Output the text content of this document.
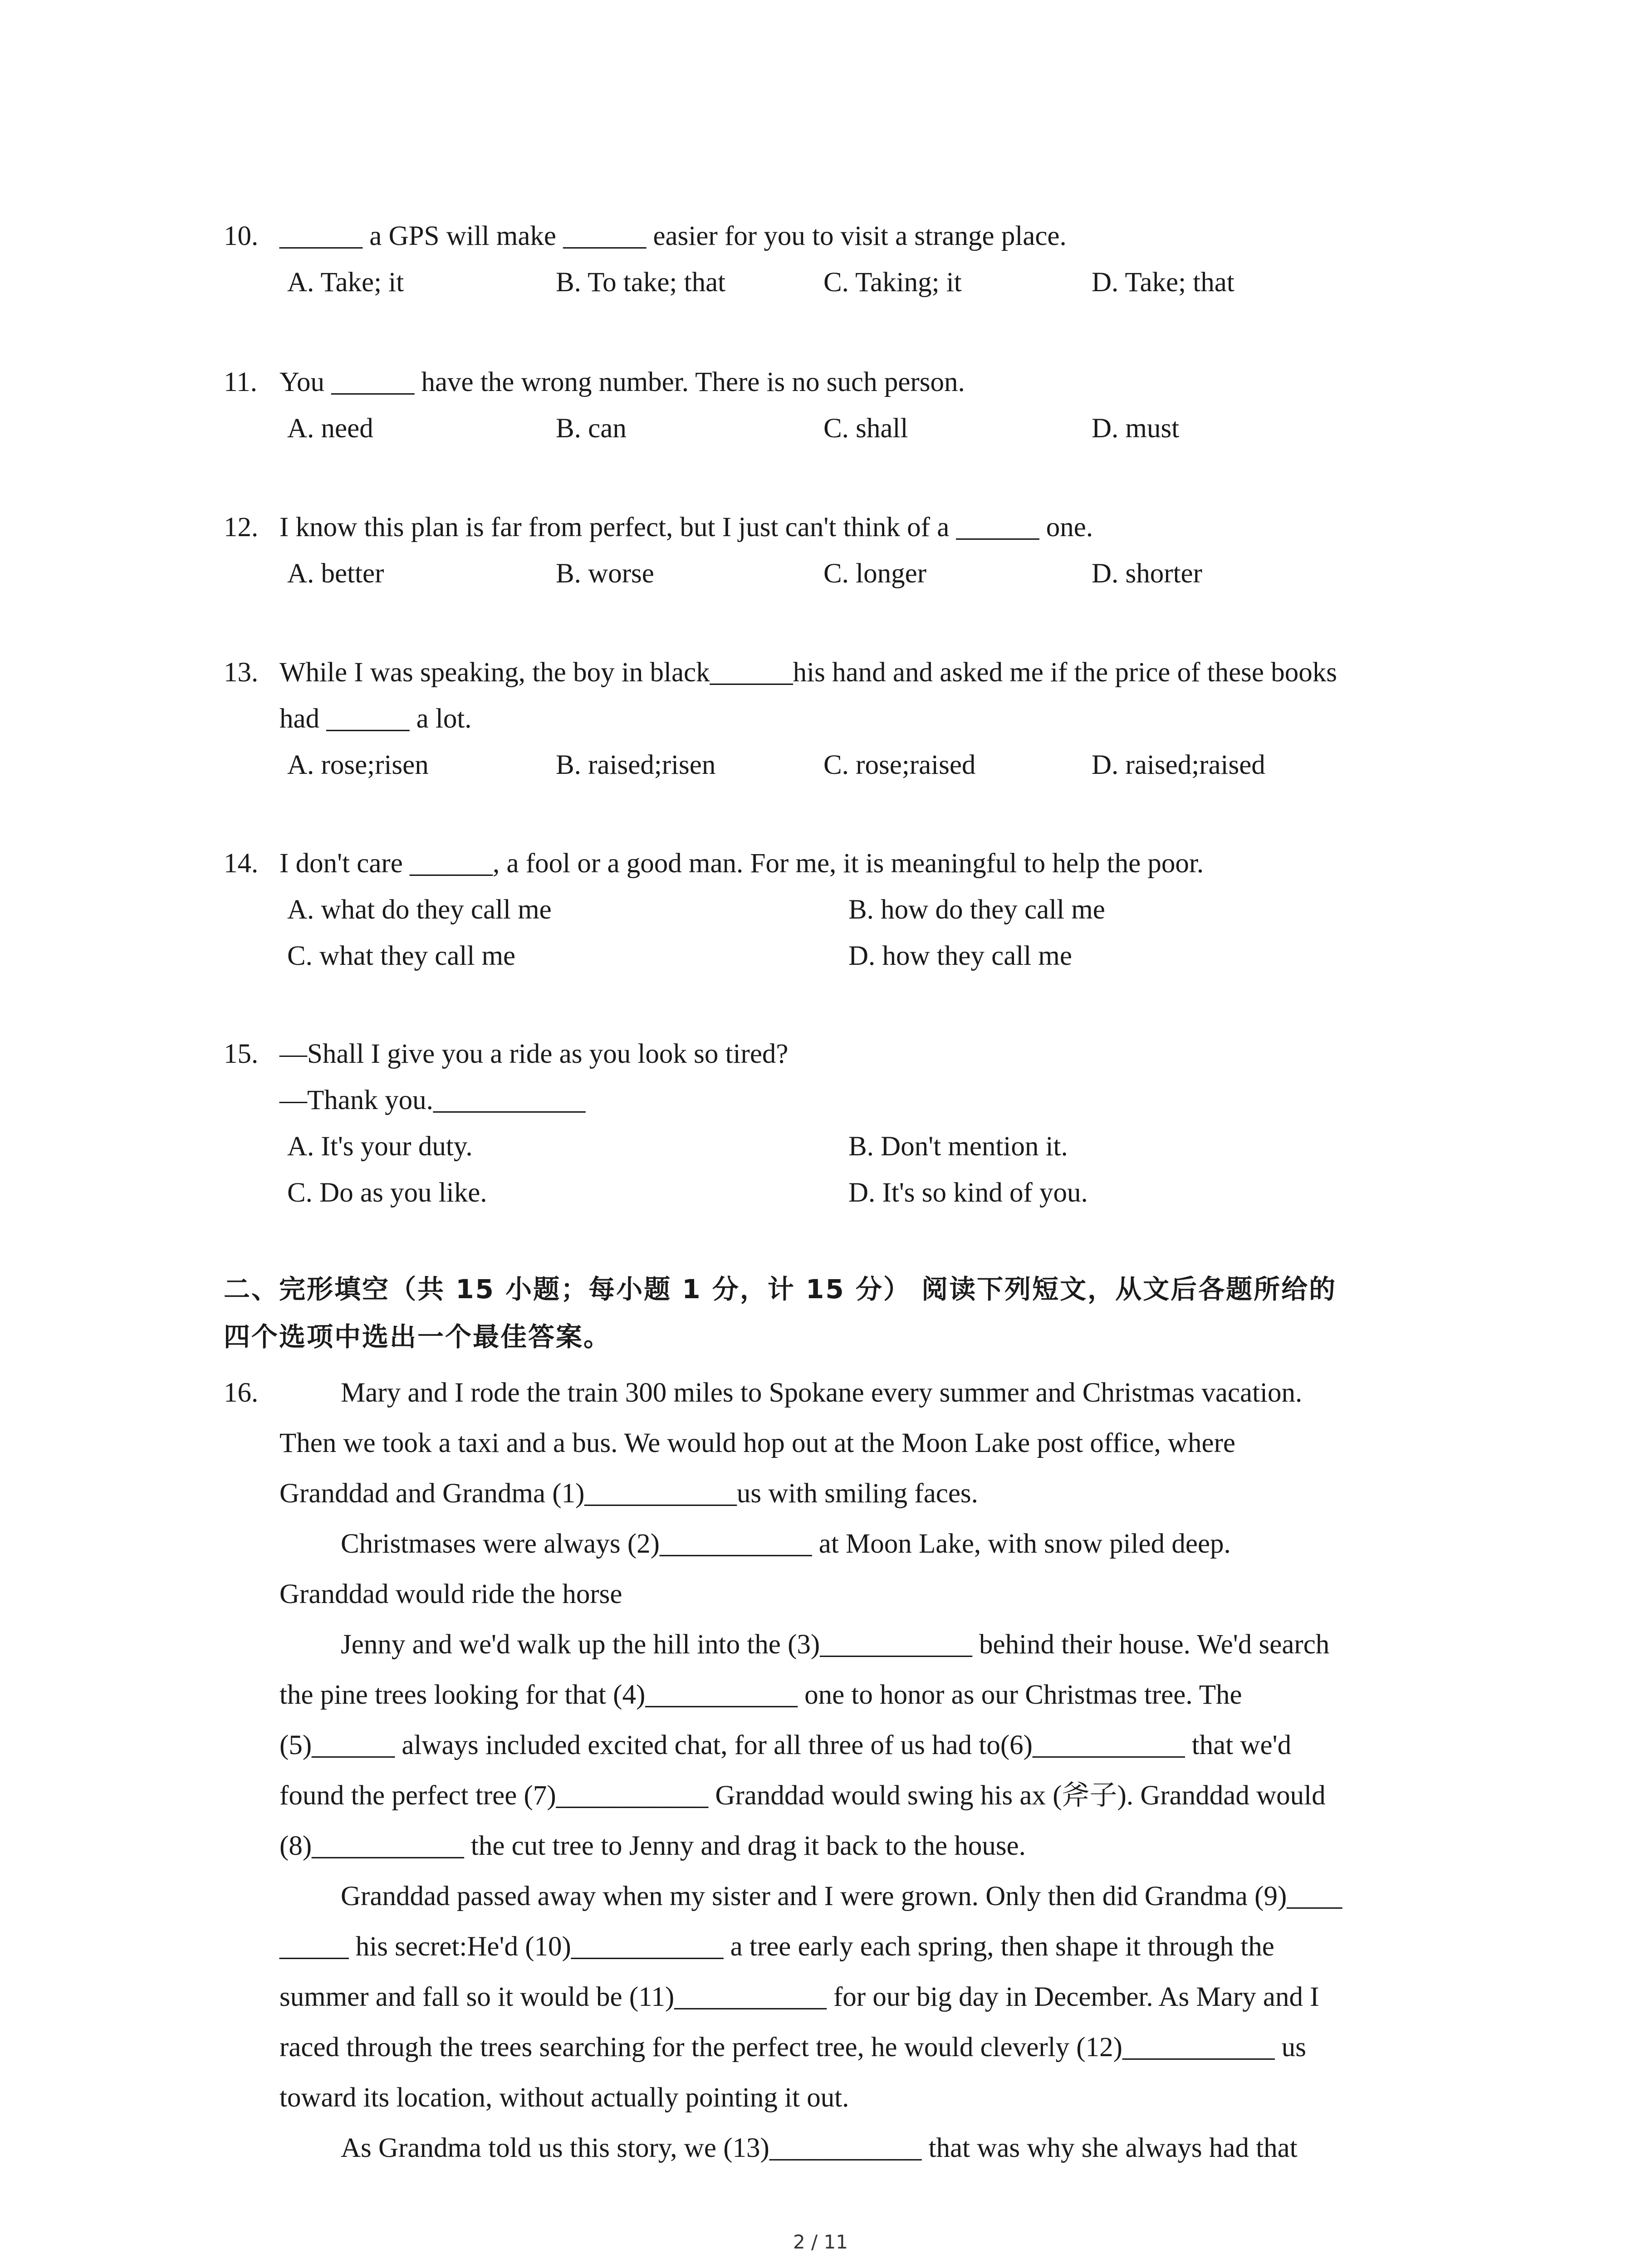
10. ______ a GPS will make ______ easier for you to visit a strange place.
A. Take; it	B. To take; that	C. Taking; it	D. Take; that
11. You ______ have the wrong number. There is no such person.
A. need	B. can	C. shall	D. must
12. I know this plan is far from perfect, but I just can't think of a ______ one.
A. better	B. worse	C. longer	D. shorter
13. While I was speaking, the boy in black______his hand and asked me if the price of these books
had ______ a lot.
A. rose;risen	B. raised;risen	C. rose;raised	D. raised;raised
14. I don't care ______, a fool or a good man. For me, it is meaningful to help the poor.
A. what do they call me	B. how do they call me
C. what they call me	D. how they call me
15. —Shall I give you a ride as you look so tired?
—Thank you.___________
A. It's your duty.	B. Don't mention it.
C. Do as you like.	D. It's so kind of you.
二、完形填空（共 15 小题；每小题 1 分，计 15 分） 阅读下列短文，从文后各题所给的
四个选项中选出一个最佳答案。
16.	Mary and I rode the train 300 miles to Spokane every summer and Christmas vacation.
Then we took a taxi and a bus. We would hop out at the Moon Lake post office, where
Granddad and Grandma (1)___________us with smiling faces.
Christmases were always (2)___________ at Moon Lake, with snow piled deep.
Granddad would ride the horse
Jenny and we'd walk up the hill into the (3)___________ behind their house. We'd search
the pine trees looking for that (4)___________ one to honor as our Christmas tree. The
(5)______ always included excited chat, for all three of us had to(6)___________ that we'd
found the perfect tree (7)___________ Granddad would swing his ax (斧子). Granddad would
(8)___________ the cut tree to Jenny and drag it back to the house.
Granddad passed away when my sister and I were grown. Only then did Grandma (9)____
_____ his secret:He'd (10)___________ a tree early each spring, then shape it through the
summer and fall so it would be (11)___________ for our big day in December. As Mary and I
raced through the trees searching for the perfect tree, he would cleverly (12)___________ us
toward its location, without actually pointing it out.
As Grandma told us this story, we (13)___________ that was why she always had that
2 / 11
